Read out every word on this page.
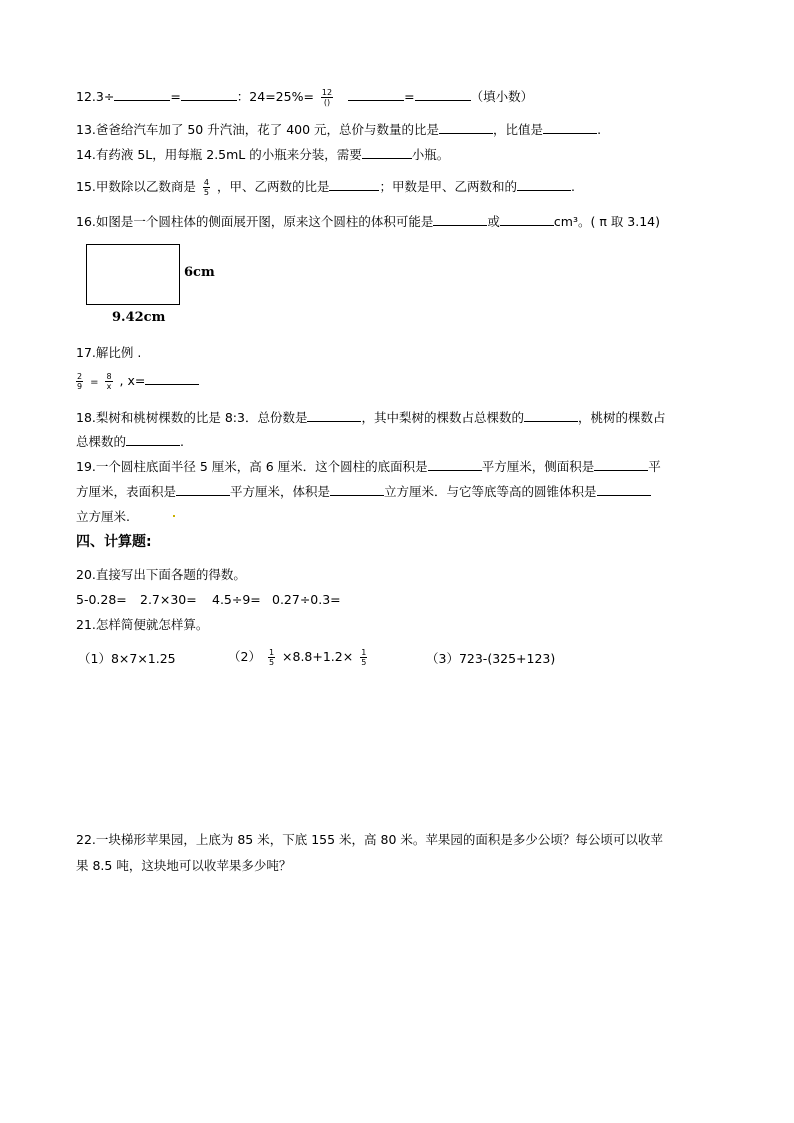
12.3÷	=	：$24=25\%= \frac{12}{()}$	=	（填小数）
13.爸爸给汽车加了 50 升汽油，花了 400 元，总价与数量的比是	，比值是	.
14.有药液 5L，用每瓶 2.5mL 的小瓶来分装，需要	小瓶。
15.甲数除以乙数商是 $\frac{4}{5}$ ，甲、乙两数的比是	；甲数是甲、乙两数和的	.
16.如图是一个圆柱体的侧面展开图，原来这个圆柱的体积可能是	或	cm³。( π 取 3.14)
6cm
9.42cm
17.解比例 .
$\frac{2}{9} = \frac{8}{x}$ , x=
18.梨树和桃树棵数的比是 8:3．总份数是	，其中梨树的棵数占总棵数的	，桃树的棵数占
总棵数的	.
19.一个圆柱底面半径 5 厘米，高 6 厘米．这个圆柱的底面积是	平方厘米，侧面积是	平
方厘米，表面积是	平方厘米，体积是	立方厘米．与它等底等高的圆锥体积是
立方厘米.
四、计算题:
20.直接写出下面各题的得数。
5-0.28= 2.7×30= 4.5÷9= 0.27÷0.3=
21.怎样简便就怎样算。
（1）8×7×1.25	$(2) \frac{1}{5} \times 8.8+1.2\times \frac{1}{5}$	（3）723-(325+123)
22.一块梯形苹果园，上底为 85 米，下底 155 米，高 80 米。苹果园的面积是多少公顷？每公顷可以收苹
果 8.5 吨，这块地可以收苹果多少吨？
